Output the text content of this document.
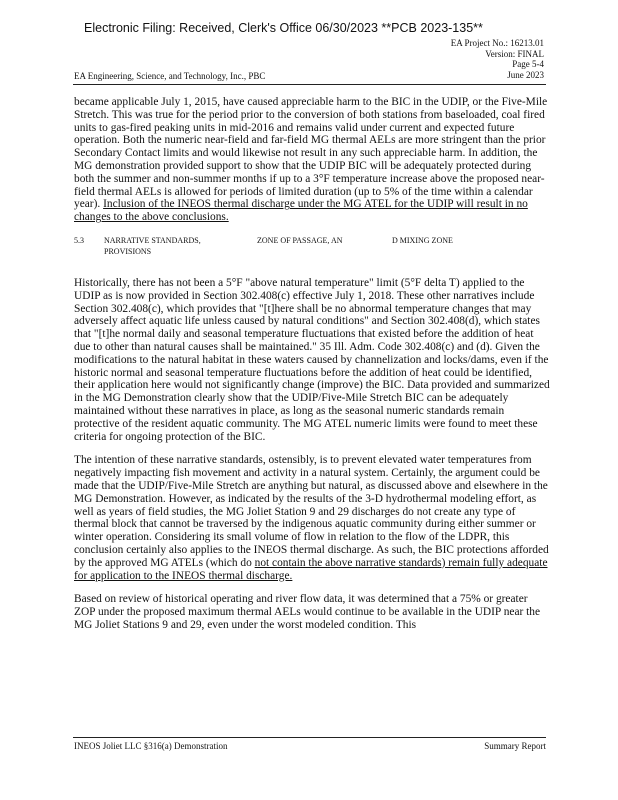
Electronic Filing: Received, Clerk's Office 06/30/2023 **PCB 2023-135**
EA Project No.: 16213.01
Version: FINAL
Page 5-4
June 2023
EA Engineering, Science, and Technology, Inc., PBC

became applicable July 1, 2015, have caused appreciable harm to the BIC in the UDIP, or the Five-Mile Stretch. This was true for the period prior to the conversion of both stations from baseloaded, coal fired units to gas-fired peaking units in mid-2016 and remains valid under current and expected future operation. Both the numeric near-field and far-field MG thermal AELs are more stringent than the prior Secondary Contact limits and would likewise not result in any such appreciable harm. In addition, the MG demonstration provided support to show that the UDIP BIC will be adequately protected during both the summer and non-summer months if up to a 3°F temperature increase above the proposed near-field thermal AELs is allowed for periods of limited duration (up to 5% of the time within a calendar year). Inclusion of the INEOS thermal discharge under the MG ATEL for the UDIP will result in no changes to the above conclusions.

5.3	NARRATIVE STANDARDS, PROVISIONS
ZONE OF PASSAGE, AN	D MIXING ZONE

Historically, there has not been a 5°F "above natural temperature" limit (5°F delta T) applied to the UDIP as is now provided in Section 302.408(c) effective July 1, 2018. These other narratives include Section 302.408(c), which provides that "[t]here shall be no abnormal temperature changes that may adversely affect aquatic life unless caused by natural conditions" and Section 302.408(d), which states that "[t]he normal daily and seasonal temperature fluctuations that existed before the addition of heat due to other than natural causes shall be maintained." 35 Ill. Adm. Code 302.408(c) and (d). Given the modifications to the natural habitat in these waters caused by channelization and locks/dams, even if the historic normal and seasonal temperature fluctuations before the addition of heat could be identified, their application here would not significantly change (improve) the BIC. Data provided and summarized in the MG Demonstration clearly show that the UDIP/Five-Mile Stretch BIC can be adequately maintained without these narratives in place, as long as the seasonal numeric standards remain protective of the resident aquatic community. The MG ATEL numeric limits were found to meet these criteria for ongoing protection of the BIC.

The intention of these narrative standards, ostensibly, is to prevent elevated water temperatures from negatively impacting fish movement and activity in a natural system. Certainly, the argument could be made that the UDIP/Five-Mile Stretch are anything but natural, as discussed above and elsewhere in the MG Demonstration. However, as indicated by the results of the 3-D hydrothermal modeling effort, as well as years of field studies, the MG Joliet Station 9 and 29 discharges do not create any type of thermal block that cannot be traversed by the indigenous aquatic community during either summer or winter operation. Considering its small volume of flow in relation to the flow of the LDPR, this conclusion certainly also applies to the INEOS thermal discharge. As such, the BIC protections afforded by the approved MG ATELs (which do not contain the above narrative standards) remain fully adequate for application to the INEOS thermal discharge.

Based on review of historical operating and river flow data, it was determined that a 75% or greater ZOP under the proposed maximum thermal AELs would continue to be available in the UDIP near the MG Joliet Stations 9 and 29, even under the worst modeled condition. This

INEOS Joliet LLC §316(a) Demonstration	Summary Report
